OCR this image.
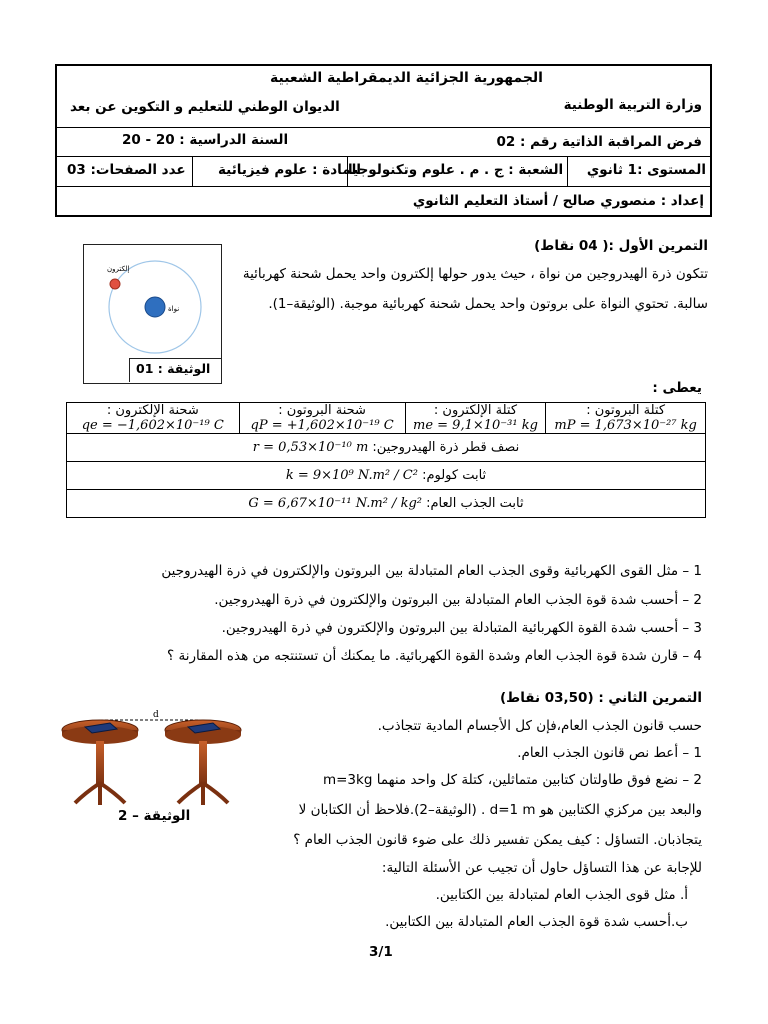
الجمهورية الجزائية الديمقراطية الشعبية
وزارة التربية الوطنية
الديوان الوطني للتعليم و التكوين عن بعد
فرض المراقبة الذاتية رقم : 02
السنة الدراسية : 20 - 20
المستوى :1 ثانوي
الشعبة : ج . م . علوم وتكنولوجيا
المادة : علوم فيزيائية
عدد الصفحات: 03
إعداد : منصوري صالح / أستاذ التعليم الثانوي
التمرين الأول :( 04 نقاط)
تتكون ذرة الهيدروجين من نواة ، حيث يدور حولها إلكترون واحد يحمل شحنة كهربائية
سالبة. تحتوي النواة على بروتون واحد يحمل شحنة كهربائية موجبة. (الوثيقة–1).
إلكترون
نواة
الوثيقة : 01
يعطى :
كتلة البروتون :
mP = 1,673×10⁻²⁷ kg

كتلة الإلكترون :
me = 9,1×10⁻³¹ kg

شحنة البروتون :
qP = +1,602×10⁻¹⁹ C

شحنة الإلكترون :
qe = −1,602×10⁻¹⁹ C

نصف قطر ذرة الهيدروجين: r = 0,53×10⁻¹⁰ m
ثابت كولوم: k = 9×10⁹ N.m² / C²
ثابت الجذب العام: G = 6,67×10⁻¹¹ N.m² / kg²
1 – مثل القوى الكهربائية وقوى الجذب العام المتبادلة بين البروتون والإلكترون في ذرة الهيدروجين
2 – أحسب شدة قوة الجذب العام المتبادلة بين البروتون والإلكترون في ذرة الهيدروجين.
3 – أحسب شدة القوة الكهربائية المتبادلة بين البروتون والإلكترون في ذرة الهيدروجين.
4 – قارن شدة قوة الجذب العام وشدة القوة الكهربائية. ما يمكنك أن تستنتجه من هذه المقارنة ؟
التمرين الثاني : (03,50 نقاط)
حسب قانون الجذب العام،فإن كل الأجسام المادية تتجاذب.
1 – أعط نص قانون الجذب العام.
2 – نضع فوق طاولتان كتابين متماثلين، كتلة كل واحد منهما m=3kg
والبعد بين مركزي الكتابين هو d=1 m . (الوثيقة–2).فلاحظ أن الكتابان لا
يتجاذبان. التساؤل : كيف يمكن تفسير ذلك على ضوء قانون الجذب العام ؟
للإجابة عن هذا التساؤل حاول أن تجيب عن الأسئلة التالية:
أ. مثل قوى الجذب العام لمتبادلة بين الكتابين.
ب.أحسب شدة قوة الجذب العام المتبادلة بين الكتابين.
d
الوثيقة – 2
3/1
